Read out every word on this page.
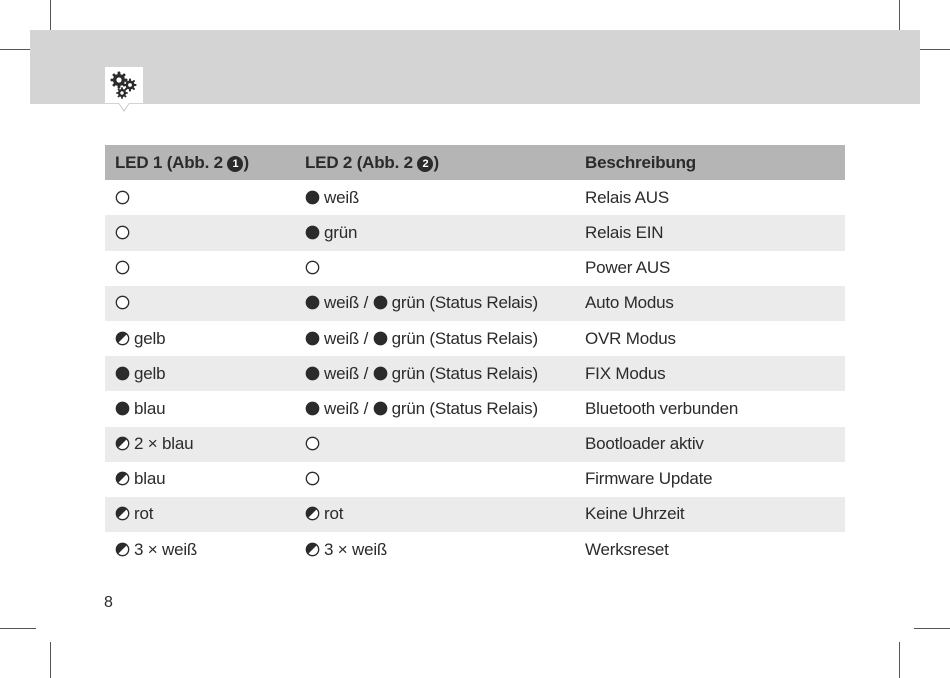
LED 1 (Abb. 2 1 )	LED 2 (Abb. 2 2 )	Beschreibung
	weiß	Relais AUS
	grün	Relais EIN
		Power AUS
	weiß / grün (Status Relais)	Auto Modus
gelb	weiß / grün (Status Relais)	OVR Modus
gelb	weiß / grün (Status Relais)	FIX Modus
blau	weiß / grün (Status Relais)	Bluetooth verbunden
2 × blau		Bootloader aktiv
blau		Firmware Update
rot	rot	Keine Uhrzeit
3 × weiß	3 × weiß	Werksreset
8
